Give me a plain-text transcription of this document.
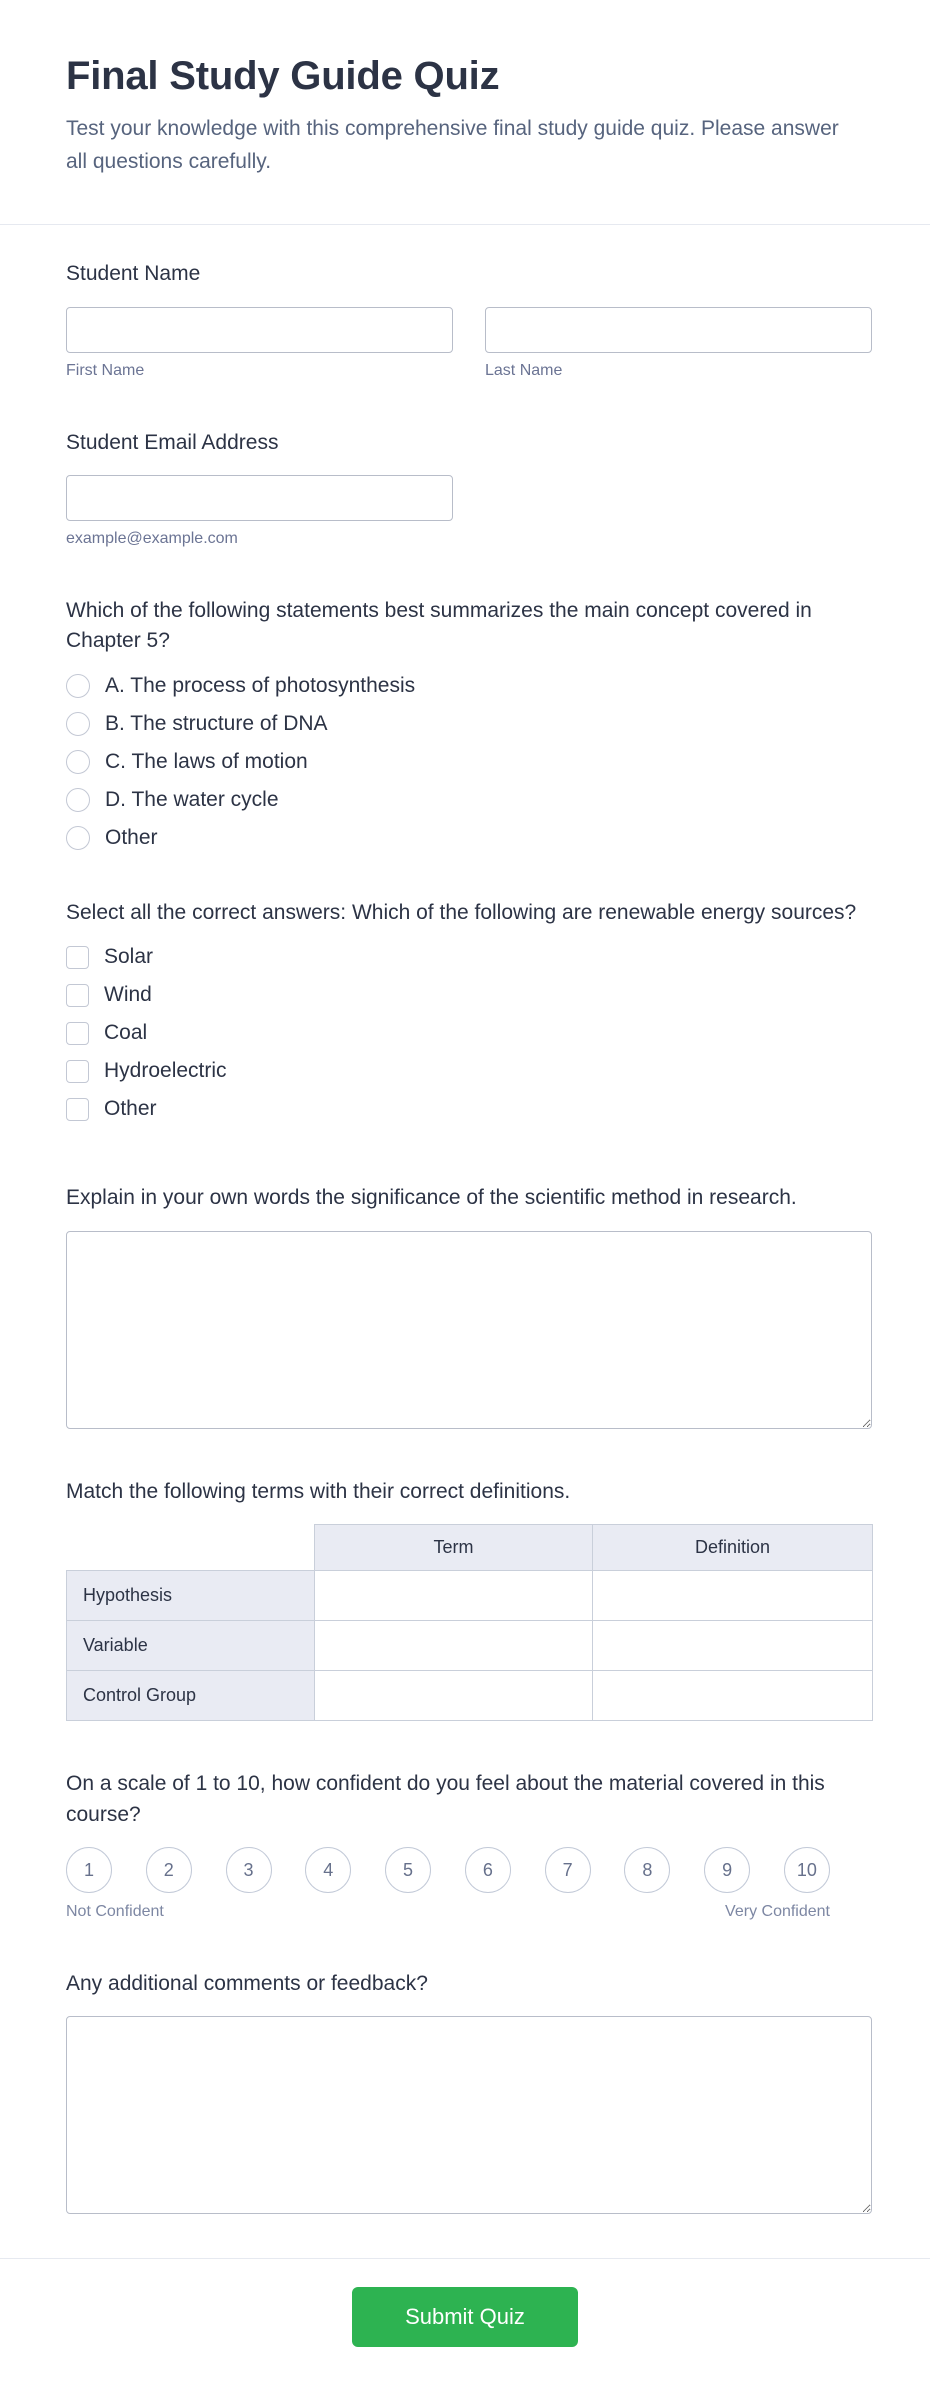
Final Study Guide Quiz

Test your knowledge with this comprehensive final study guide quiz. Please answer all questions carefully.

Student Name
First Name	Last Name
Student Email Address
example@example.com
Which of the following statements best summarizes the main concept covered in Chapter 5?
A. The process of photosynthesis
B. The structure of DNA
C. The laws of motion
D. The water cycle
Other
Select all the correct answers: Which of the following are renewable energy sources?
Solar
Wind
Coal
Hydroelectric
Other
Explain in your own words the significance of the scientific method in research.
Match the following terms with their correct definitions.
	Term	Definition
Hypothesis		
Variable		
Control Group		
On a scale of 1 to 10, how confident do you feel about the material covered in this course?
1	2	3	4	5	6	7	8	9	10
Not Confident	Very Confident
Any additional comments or feedback?
Submit Quiz
